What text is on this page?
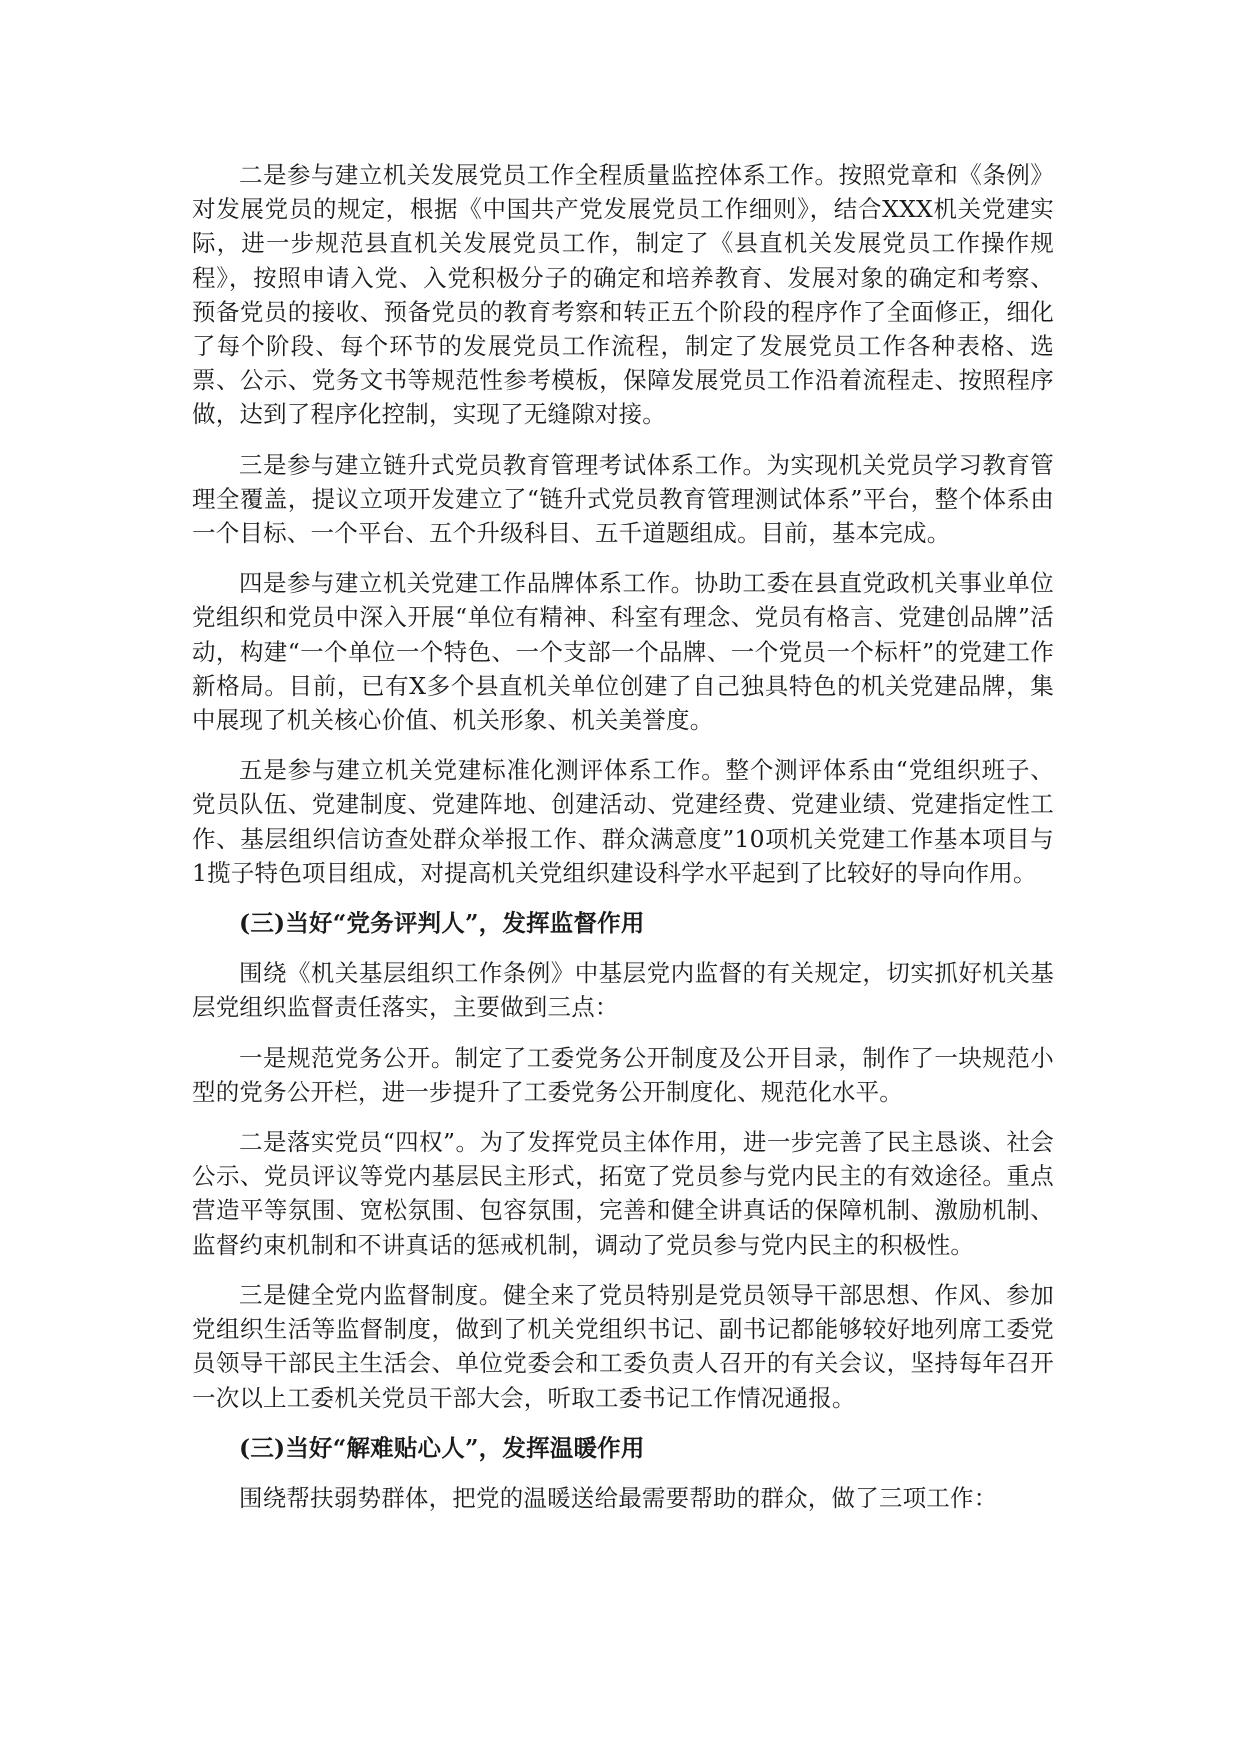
二是参与建立机关发展党员工作全程质量监控体系工作。按照党章和《条例》对发展党员的规定，根据《中国共产党发展党员工作细则》，结合XXX机关党建实际，进一步规范县直机关发展党员工作，制定了《县直机关发展党员工作操作规程》，按照申请入党、入党积极分子的确定和培养教育、发展对象的确定和考察、预备党员的接收、预备党员的教育考察和转正五个阶段的程序作了全面修正，细化了每个阶段、每个环节的发展党员工作流程，制定了发展党员工作各种表格、选票、公示、党务文书等规范性参考模板，保障发展党员工作沿着流程走、按照程序做，达到了程序化控制，实现了无缝隙对接。

三是参与建立链升式党员教育管理考试体系工作。为实现机关党员学习教育管理全覆盖，提议立项开发建立了“链升式党员教育管理测试体系”平台，整个体系由一个目标、一个平台、五个升级科目、五千道题组成。目前，基本完成。

四是参与建立机关党建工作品牌体系工作。协助工委在县直党政机关事业单位党组织和党员中深入开展“单位有精神、科室有理念、党员有格言、党建创品牌”活动，构建“一个单位一个特色、一个支部一个品牌、一个党员一个标杆”的党建工作新格局。目前，已有X多个县直机关单位创建了自己独具特色的机关党建品牌，集中展现了机关核心价值、机关形象、机关美誉度。

五是参与建立机关党建标准化测评体系工作。整个测评体系由“党组织班子、党员队伍、党建制度、党建阵地、创建活动、党建经费、党建业绩、党建指定性工作、基层组织信访查处群众举报工作、群众满意度”10项机关党建工作基本项目与1揽子特色项目组成，对提高机关党组织建设科学水平起到了比较好的导向作用。

(三)当好“党务评判人”，发挥监督作用

围绕《机关基层组织工作条例》中基层党内监督的有关规定，切实抓好机关基层党组织监督责任落实，主要做到三点：

一是规范党务公开。制定了工委党务公开制度及公开目录，制作了一块规范小型的党务公开栏，进一步提升了工委党务公开制度化、规范化水平。

二是落实党员“四权”。为了发挥党员主体作用，进一步完善了民主恳谈、社会公示、党员评议等党内基层民主形式，拓宽了党员参与党内民主的有效途径。重点营造平等氛围、宽松氛围、包容氛围，完善和健全讲真话的保障机制、激励机制、监督约束机制和不讲真话的惩戒机制，调动了党员参与党内民主的积极性。

三是健全党内监督制度。健全来了党员特别是党员领导干部思想、作风、参加党组织生活等监督制度，做到了机关党组织书记、副书记都能够较好地列席工委党员领导干部民主生活会、单位党委会和工委负责人召开的有关会议，坚持每年召开一次以上工委机关党员干部大会，听取工委书记工作情况通报。

(三)当好“解难贴心人”，发挥温暖作用

围绕帮扶弱势群体，把党的温暖送给最需要帮助的群众，做了三项工作：
